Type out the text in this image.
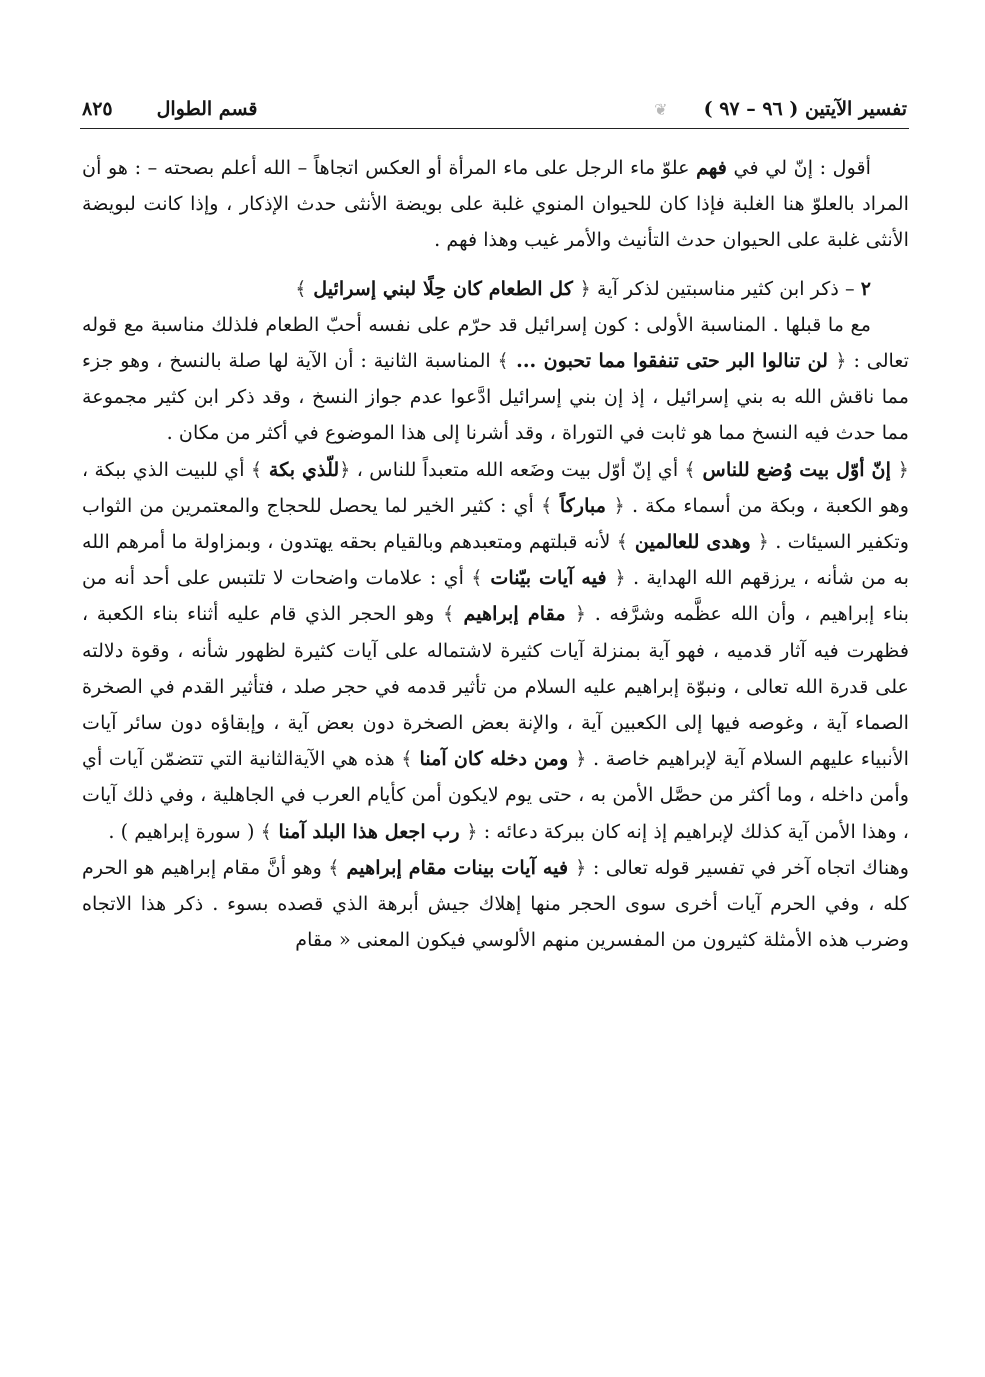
تفسير الآيتين ( ٩٦ – ٩٧ )
❦
قسم الطوال
٨٢٥

أقول : إنّ لي في فهم علوّ ماء الرجل على ماء المرأة أو العكس اتجاهاً – الله أعلم بصحته – : هو أن المراد بالعلوّ هنا الغلبة فإذا كان للحيوان المنوي غلبة على بويضة الأنثى حدث الإذكار ، وإذا كانت لبويضة الأنثى غلبة على الحيوان حدث التأنيث والأمر غيب وهذا فهم .

٢ – ذكر ابن كثير مناسبتين لذكر آية ﴿ كل الطعام كان حِلًا لبني إسرائيل ﴾

مع ما قبلها . المناسبة الأولى : كون إسرائيل قد حرّم على نفسه أحبّ الطعام فلذلك مناسبة مع قوله تعالى : ﴿ لن تنالوا البر حتى تنفقوا مما تحبون ... ﴾ المناسبة الثانية : أن الآية لها صلة بالنسخ ، وهو جزء مما ناقش الله به بني إسرائيل ، إذ إن بني إسرائيل ادَّعوا عدم جواز النسخ ، وقد ذكر ابن كثير مجموعة مما حدث فيه النسخ مما هو ثابت في التوراة ، وقد أشرنا إلى هذا الموضوع في أكثر من مكان .

﴿ إنّ أوّل بيت وُضع للناس ﴾ أي إنّ أوّل بيت وضَعه الله متعبداً للناس ، ﴿للّذي بكة ﴾ أي للبيت الذي ببكة ، وهو الكعبة ، وبكة من أسماء مكة . ﴿ مباركاً ﴾ أي : كثير الخير لما يحصل للحجاج والمعتمرين من الثواب وتكفير السيئات . ﴿ وهدى للعالمين ﴾ لأنه قبلتهم ومتعبدهم وبالقيام بحقه يهتدون ، وبمزاولة ما أمرهم الله به من شأنه ، يرزقهم الله الهداية . ﴿ فيه آيات بيّنات ﴾ أي : علامات واضحات لا تلتبس على أحد أنه من بناء إبراهيم ، وأن الله عظَّمه وشرَّفه . ﴿ مقام إبراهيم ﴾ وهو الحجر الذي قام عليه أثناء بناء الكعبة ، فظهرت فيه آثار قدميه ، فهو آية بمنزلة آيات كثيرة لاشتماله على آيات كثيرة لظهور شأنه ، وقوة دلالته على قدرة الله تعالى ، ونبوّة إبراهيم عليه السلام من تأثير قدمه في حجر صلد ، فتأثير القدم في الصخرة الصماء آية ، وغوصه فيها إلى الكعبين آية ، والإنة بعض الصخرة دون بعض آية ، وإبقاؤه دون سائر آيات الأنبياء عليهم السلام آية لإبراهيم خاصة . ﴿ ومن دخله كان آمنا ﴾ هذه هي الآيةالثانية التي تتضمّن آيات أي وأمن داخله ، وما أكثر من حصَّل الأمن به ، حتى يوم لايكون أمن كأيام العرب في الجاهلية ، وفي ذلك آيات ، وهذا الأمن آية كذلك لإبراهيم إذ إنه كان ببركة دعائه : ﴿ رب اجعل هذا البلد آمنا ﴾ ( سورة إبراهيم ) .

وهناك اتجاه آخر في تفسير قوله تعالى : ﴿ فيه آيات بينات مقام إبراهيم ﴾ وهو أنَّ مقام إبراهيم هو الحرم كله ، وفي الحرم آيات أخرى سوى الحجر منها إهلاك جيش أبرهة الذي قصده بسوء . ذكر هذا الاتجاه وضرب هذه الأمثلة كثيرون من المفسرين منهم الألوسي فيكون المعنى « مقام
